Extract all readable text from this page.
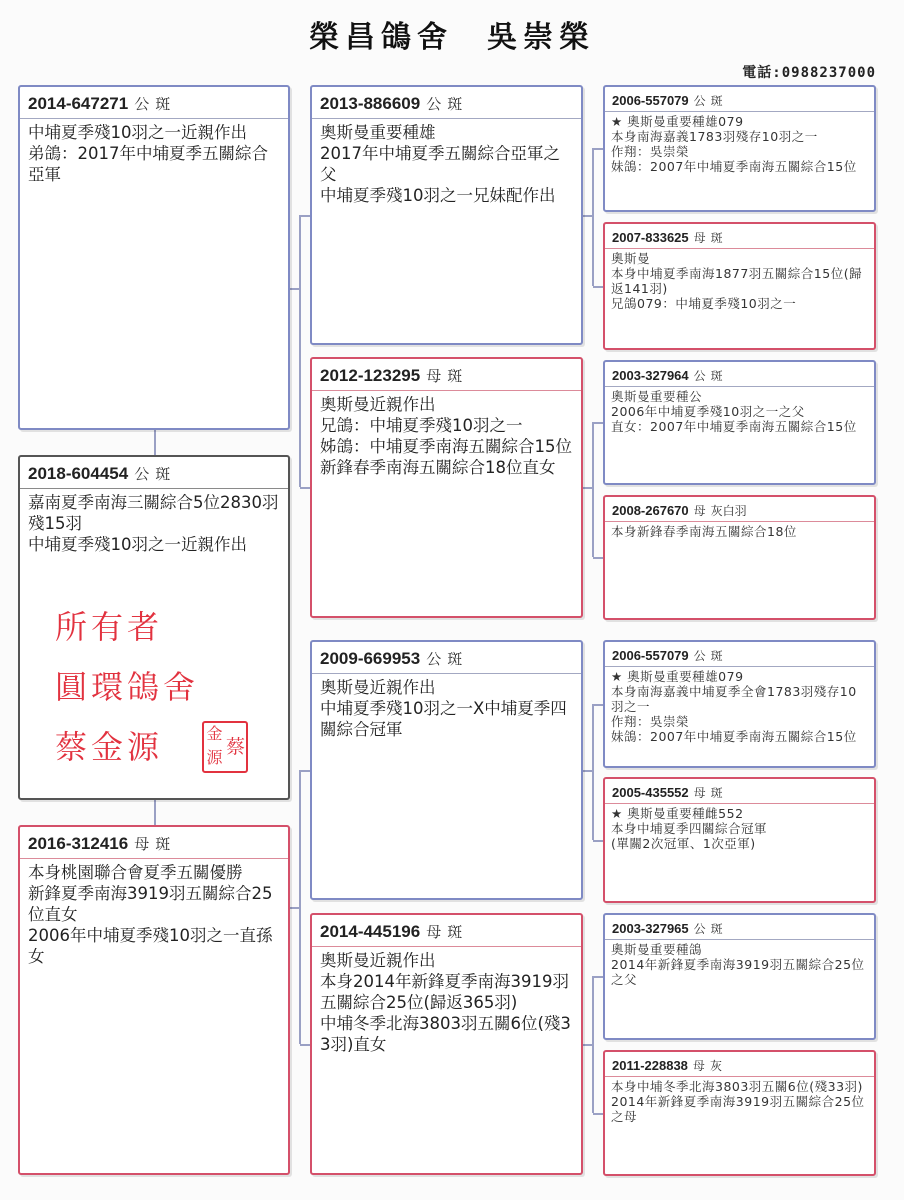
榮昌鴿舍 吳崇榮
電話:0988237000
2014-647271 公 斑
中埔夏季殘10羽之一近親作出
弟鴿：2017年中埔夏季五關綜合亞軍
2018-604454 公 斑
嘉南夏季南海三關綜合5位2830羽殘15羽
中埔夏季殘10羽之一近親作出
所有者
圓環鴿舍
蔡金源	蔡
金
源
2016-312416 母 斑
本身桃園聯合會夏季五關優勝
新鋒夏季南海3919羽五關綜合25位直女
2006年中埔夏季殘10羽之一直孫女
2013-886609 公 斑
奧斯曼重要種雄
2017年中埔夏季五關綜合亞軍之父
中埔夏季殘10羽之一兄妹配作出
2012-123295 母 斑
奧斯曼近親作出
兄鴿：中埔夏季殘10羽之一
姊鴿：中埔夏季南海五關綜合15位
新鋒春季南海五關綜合18位直女
2009-669953 公 斑
奧斯曼近親作出
中埔夏季殘10羽之一X中埔夏季四關綜合冠軍
2014-445196 母 斑
奧斯曼近親作出
本身2014年新鋒夏季南海3919羽五關綜合25位(歸返365羽)
中埔冬季北海3803羽五關6位(殘33羽)直女
2006-557079 公 斑
★ 奧斯曼重要種雄079
本身南海嘉義1783羽殘存10羽之一
作翔：吳崇榮
妹鴿：2007年中埔夏季南海五關綜合15位
2007-833625 母 斑
奧斯曼
本身中埔夏季南海1877羽五關綜合15位(歸返141羽)
兄鴿079：中埔夏季殘10羽之一
2003-327964 公 斑
奧斯曼重要種公
2006年中埔夏季殘10羽之一之父
直女：2007年中埔夏季南海五關綜合15位
2008-267670 母 灰白羽
本身新鋒春季南海五關綜合18位
2006-557079 公 斑
★ 奧斯曼重要種雄079
本身南海嘉義中埔夏季全會1783羽殘存10羽之一
作翔：吳崇榮
妹鴿：2007年中埔夏季南海五關綜合15位
2005-435552 母 斑
★ 奧斯曼重要種雌552
本身中埔夏季四關綜合冠軍
(單關2次冠軍、1次亞軍)
2003-327965 公 斑
奧斯曼重要種鴿
2014年新鋒夏季南海3919羽五關綜合25位之父
2011-228838 母 灰
本身中埔冬季北海3803羽五關6位(殘33羽)
2014年新鋒夏季南海3919羽五關綜合25位之母
